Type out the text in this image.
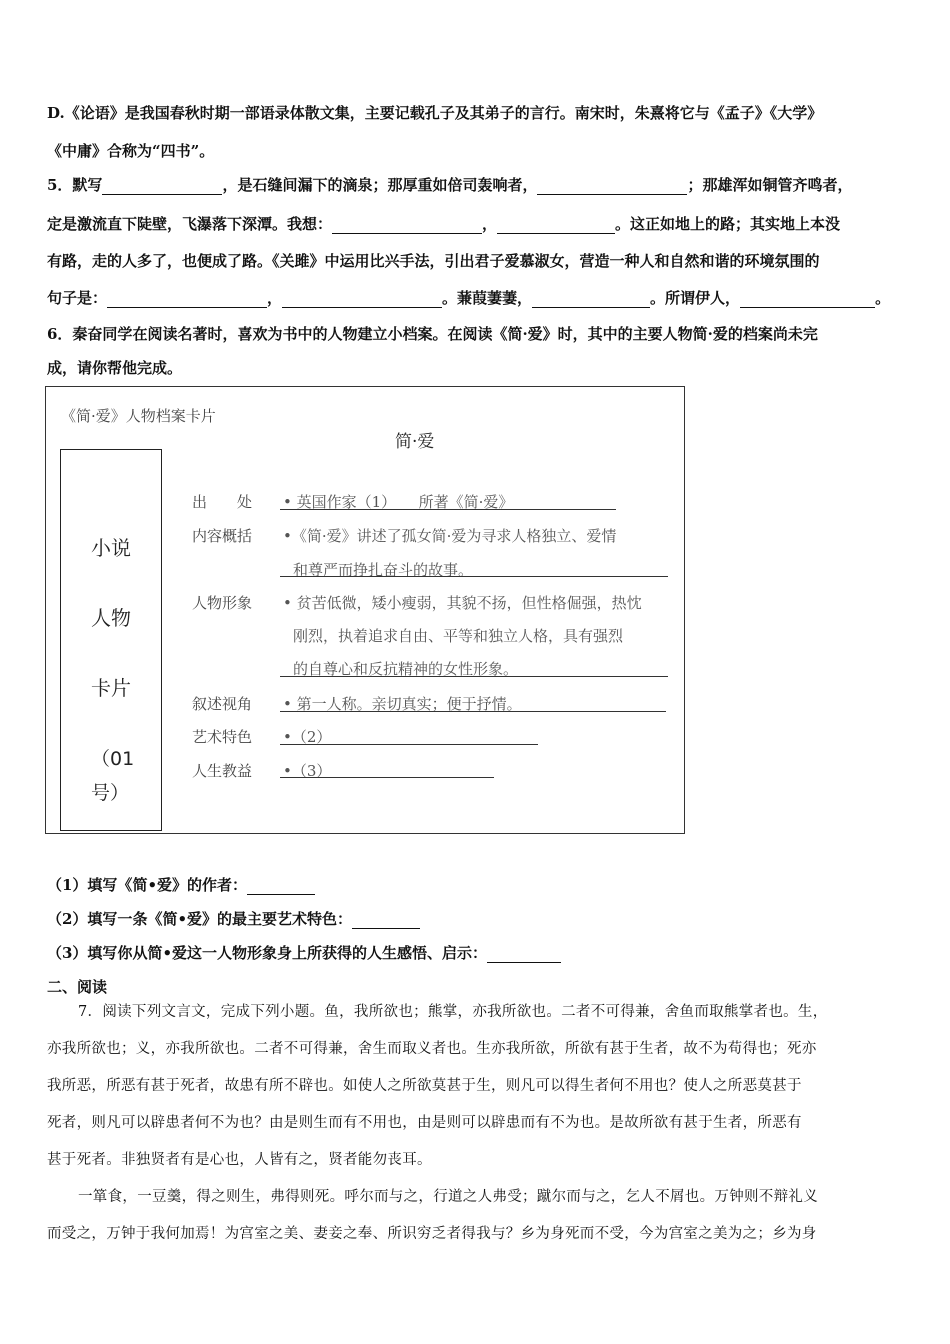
D.《论语》是我国春秋时期一部语录体散文集，主要记载孔子及其弟子的言行。南宋时，朱熹将它与《孟子》《大学》
《中庸》合称为“四书”。
5．默写	，是石缝间漏下的滴泉；那厚重如倍司轰响者，	；那雄浑如铜管齐鸣者，
定是激流直下陡壁，飞瀑落下深潭。我想：	，	。这正如地上的路；其实地上本没
有路，走的人多了，也便成了路。《关雎》中运用比兴手法，引出君子爱慕淑女，营造一种人和自然和谐的环境氛围的
句子是：	，	。蒹葭萋萋，	。所谓伊人，	。
6．秦奋同学在阅读名著时，喜欢为书中的人物建立小档案。在阅读《简·爱》时，其中的主要人物简·爱的档案尚未完
成，请你帮他完成。
《简·爱》人物档案卡片
简·爱
小说
人物
卡片
（01
号）
出　　处 • 英国作家（1）　　所著《简·爱》
内容概括 •《简·爱》讲述了孤女简·爱为寻求人格独立、爱情
和尊严而挣扎奋斗的故事。
人物形象 • 贫苦低微，矮小瘦弱，其貌不扬，但性格倔强，热忱
刚烈，执着追求自由、平等和独立人格，具有强烈
的自尊心和反抗精神的女性形象。
叙述视角 • 第一人称。亲切真实；便于抒情。
艺术特色 •（2）
人生教益 •（3）
（1）填写《简•爱》的作者：
（2）填写一条《简•爱》的最主要艺术特色：
（3）填写你从简•爱这一人物形象身上所获得的人生感悟、启示：
二、阅读
7．阅读下列文言文，完成下列小题。鱼，我所欲也；熊掌，亦我所欲也。二者不可得兼，舍鱼而取熊掌者也。生，
亦我所欲也；义，亦我所欲也。二者不可得兼，舍生而取义者也。生亦我所欲，所欲有甚于生者，故不为苟得也；死亦
我所恶，所恶有甚于死者，故患有所不辟也。如使人之所欲莫甚于生，则凡可以得生者何不用也？使人之所恶莫甚于
死者，则凡可以辟患者何不为也？由是则生而有不用也，由是则可以辟患而有不为也。是故所欲有甚于生者，所恶有
甚于死者。非独贤者有是心也，人皆有之，贤者能勿丧耳。
一箪食，一豆羹，得之则生，弗得则死。呼尔而与之，行道之人弗受；蹴尔而与之，乞人不屑也。万钟则不辩礼义
而受之，万钟于我何加焉！为宫室之美、妻妾之奉、所识穷乏者得我与？乡为身死而不受，今为宫室之美为之；乡为身
